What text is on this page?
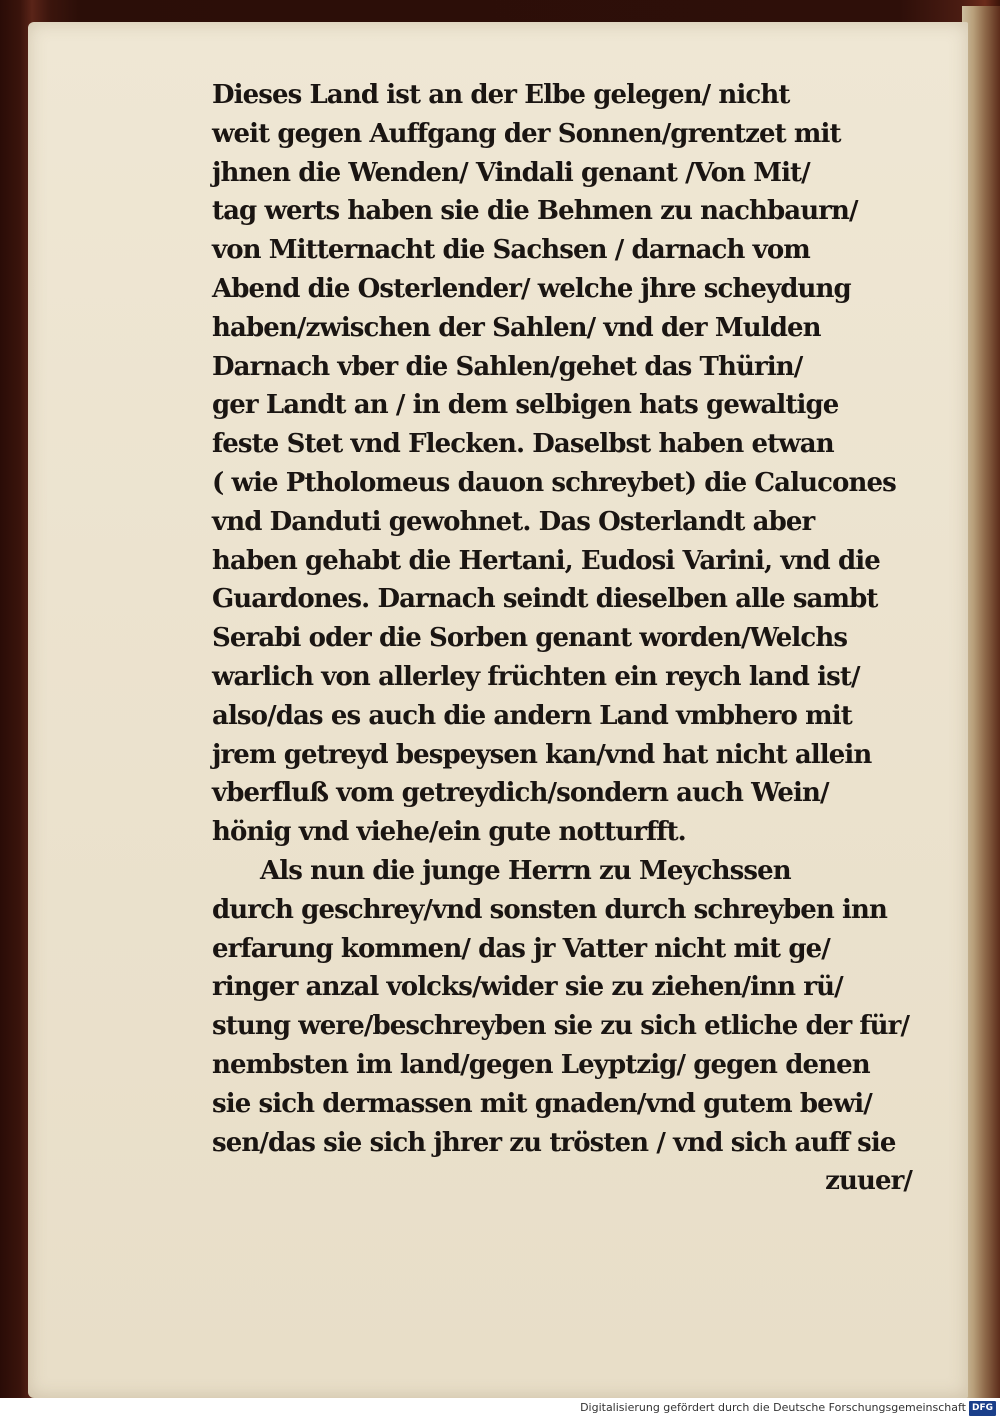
Dieses Land ist an der Elbe gelegen/ nicht
weit gegen Auffgang der Sonnen/grentzet mit
jhnen die Wenden/ Vindali genant /Von Mit/
tag werts haben sie die Behmen zu nachbaurn/
von Mitternacht die Sachsen / darnach vom
Abend die Osterlender/ welche jhre scheydung
haben/zwischen der Sahlen/ vnd der Mulden
Darnach vber die Sahlen/gehet das Thürin/
ger Landt an / in dem selbigen hats gewaltige
feste Stet vnd Flecken. Daselbst haben etwan
( wie Ptholomeus dauon schreybet) die Calucones
vnd Danduti gewohnet. Das Osterlandt aber
haben gehabt die Hertani, Eudosi Varini, vnd die
Guardones. Darnach seindt dieselben alle sambt
Serabi oder die Sorben genant worden/Welchs
warlich von allerley früchten ein reych land ist/
also/das es auch die andern Land vmbhero mit
jrem getreyd bespeysen kan/vnd hat nicht allein
vberfluß vom getreydich/sondern auch Wein/
hönig vnd viehe/ein gute notturfft.
Als nun die junge Herrn zu Meychssen
durch geschrey/vnd sonsten durch schreyben inn
erfarung kommen/ das jr Vatter nicht mit ge/
ringer anzal volcks/wider sie zu ziehen/inn rü/
stung were/beschreyben sie zu sich etliche der für/
nembsten im land/gegen Leyptzig/ gegen denen
sie sich dermassen mit gnaden/vnd gutem bewi/
sen/das sie sich jhrer zu trösten / vnd sich auff sie
zuuer/
Digitalisierung gefördert durch die Deutsche Forschungsgemeinschaft DFG
